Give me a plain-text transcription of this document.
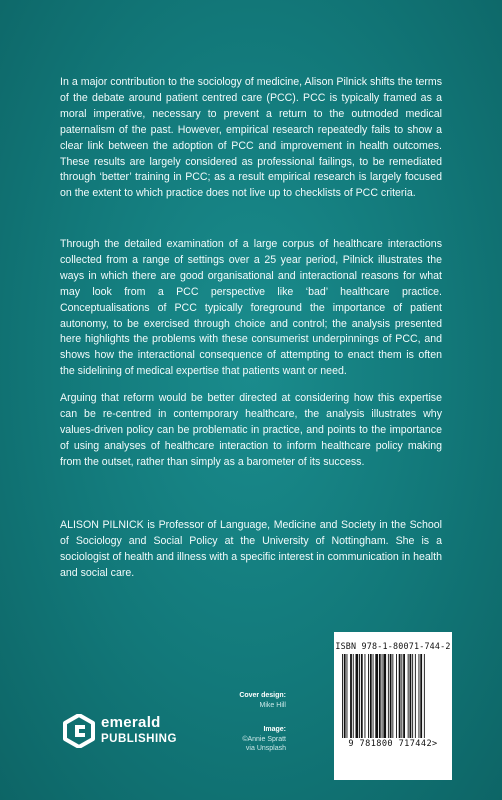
In a major contribution to the sociology of medicine, Alison Pilnick shifts the terms of the debate around patient centred care (PCC). PCC is typically framed as a moral imperative, necessary to prevent a return to the outmoded medical paternalism of the past. However, empirical research repeatedly fails to show a clear link between the adoption of PCC and improvement in health outcomes. These results are largely considered as professional failings, to be remediated through ‘better’ training in PCC; as a result empirical research is largely focused on the extent to which practice does not live up to checklists of PCC criteria.

Through the detailed examination of a large corpus of healthcare interactions collected from a range of settings over a 25 year period, Pilnick illustrates the ways in which there are good organisational and interactional reasons for what may look from a PCC perspective like ‘bad’ healthcare practice. Conceptualisations of PCC typically foreground the importance of patient autonomy, to be exercised through choice and control; the analysis presented here highlights the problems with these consumerist underpinnings of PCC, and shows how the interactional consequence of attempting to enact them is often the sidelining of medical expertise that patients want or need.

Arguing that reform would be better directed at considering how this expertise can be re-centred in contemporary healthcare, the analysis illustrates why values-driven policy can be problematic in practice, and points to the importance of using analyses of healthcare interaction to inform healthcare policy making from the outset, rather than simply as a barometer of its success.

ALISON PILNICK is Professor of Language, Medicine and Society in the School of Sociology and Social Policy at the University of Nottingham. She is a sociologist of health and illness with a specific interest in communication in health and social care.

Cover design:
Mike Hill
Image:
©Annie Spratt
via Unsplash
emerald
PUBLISHING
ISBN 978-1-80071-744-2
9 781800 717442>
